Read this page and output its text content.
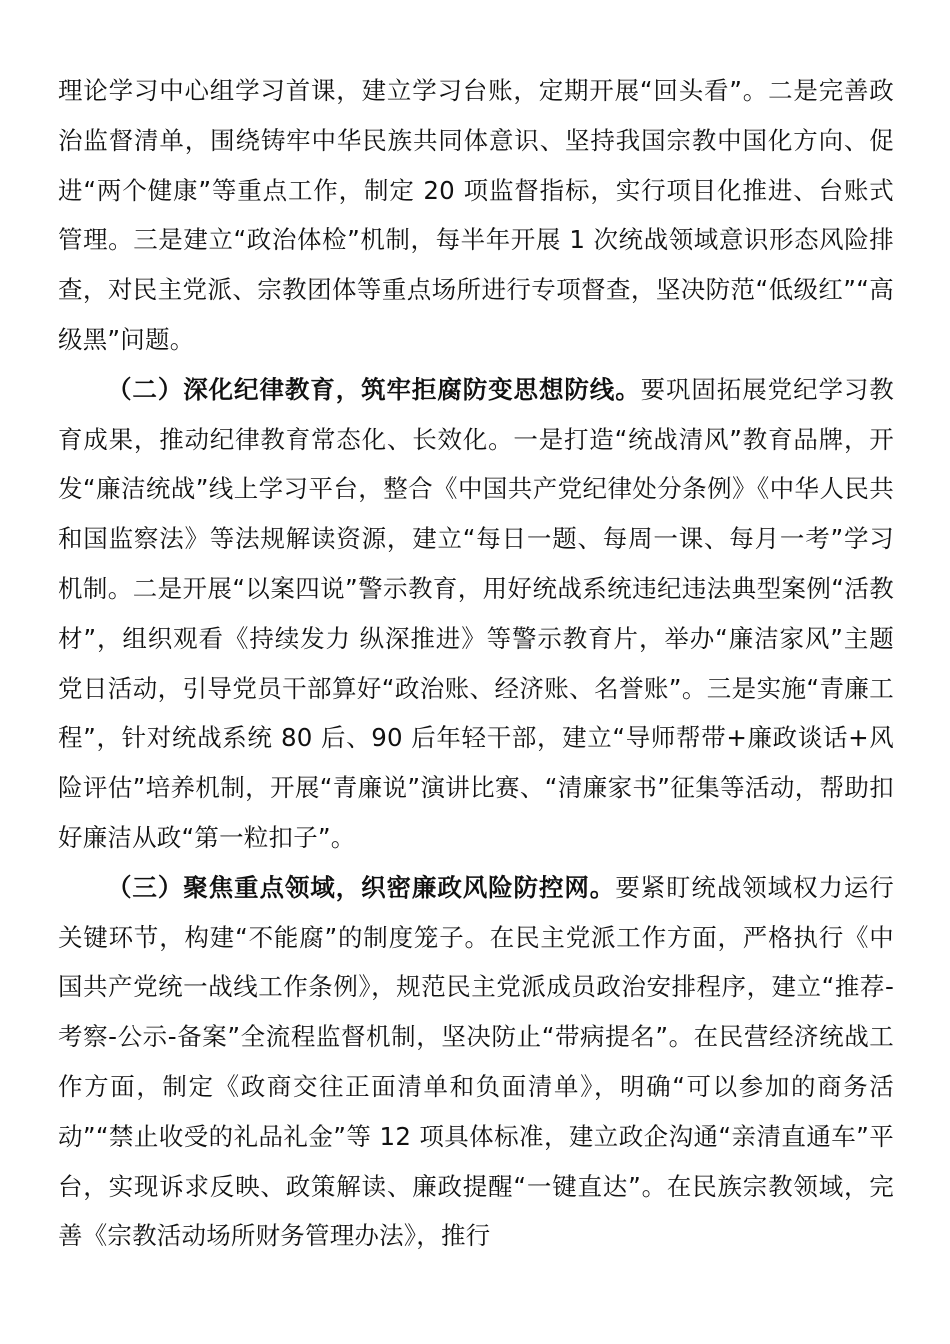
理论学习中心组学习首课，建立学习台账，定期开展“回头看”。二是完善政治监督清单，围绕铸牢中华民族共同体意识、坚持我国宗教中国化方向、促进“两个健康”等重点工作，制定 20 项监督指标，实行项目化推进、台账式管理。三是建立“政治体检”机制，每半年开展 1 次统战领域意识形态风险排查，对民主党派、宗教团体等重点场所进行专项督查，坚决防范“低级红”“高级黑”问题。

（二）深化纪律教育，筑牢拒腐防变思想防线。要巩固拓展党纪学习教育成果，推动纪律教育常态化、长效化。一是打造“统战清风”教育品牌，开发“廉洁统战”线上学习平台，整合《中国共产党纪律处分条例》《中华人民共和国监察法》等法规解读资源，建立“每日一题、每周一课、每月一考”学习机制。二是开展“以案四说”警示教育，用好统战系统违纪违法典型案例“活教材”，组织观看《持续发力 纵深推进》等警示教育片，举办“廉洁家风”主题党日活动，引导党员干部算好“政治账、经济账、名誉账”。三是实施“青廉工程”，针对统战系统 80 后、90 后年轻干部，建立“导师帮带+廉政谈话+风险评估”培养机制，开展“青廉说”演讲比赛、“清廉家书”征集等活动，帮助扣好廉洁从政“第一粒扣子”。

（三）聚焦重点领域，织密廉政风险防控网。要紧盯统战领域权力运行关键环节，构建“不能腐”的制度笼子。在民主党派工作方面，严格执行《中国共产党统一战线工作条例》，规范民主党派成员政治安排程序，建立“推荐-考察-公示-备案”全流程监督机制，坚决防止“带病提名”。在民营经济统战工作方面，制定《政商交往正面清单和负面清单》，明确“可以参加的商务活动”“禁止收受的礼品礼金”等 12 项具体标准，建立政企沟通“亲清直通车”平台，实现诉求反映、政策解读、廉政提醒“一键直达”。在民族宗教领域，完善《宗教活动场所财务管理办法》，推行
